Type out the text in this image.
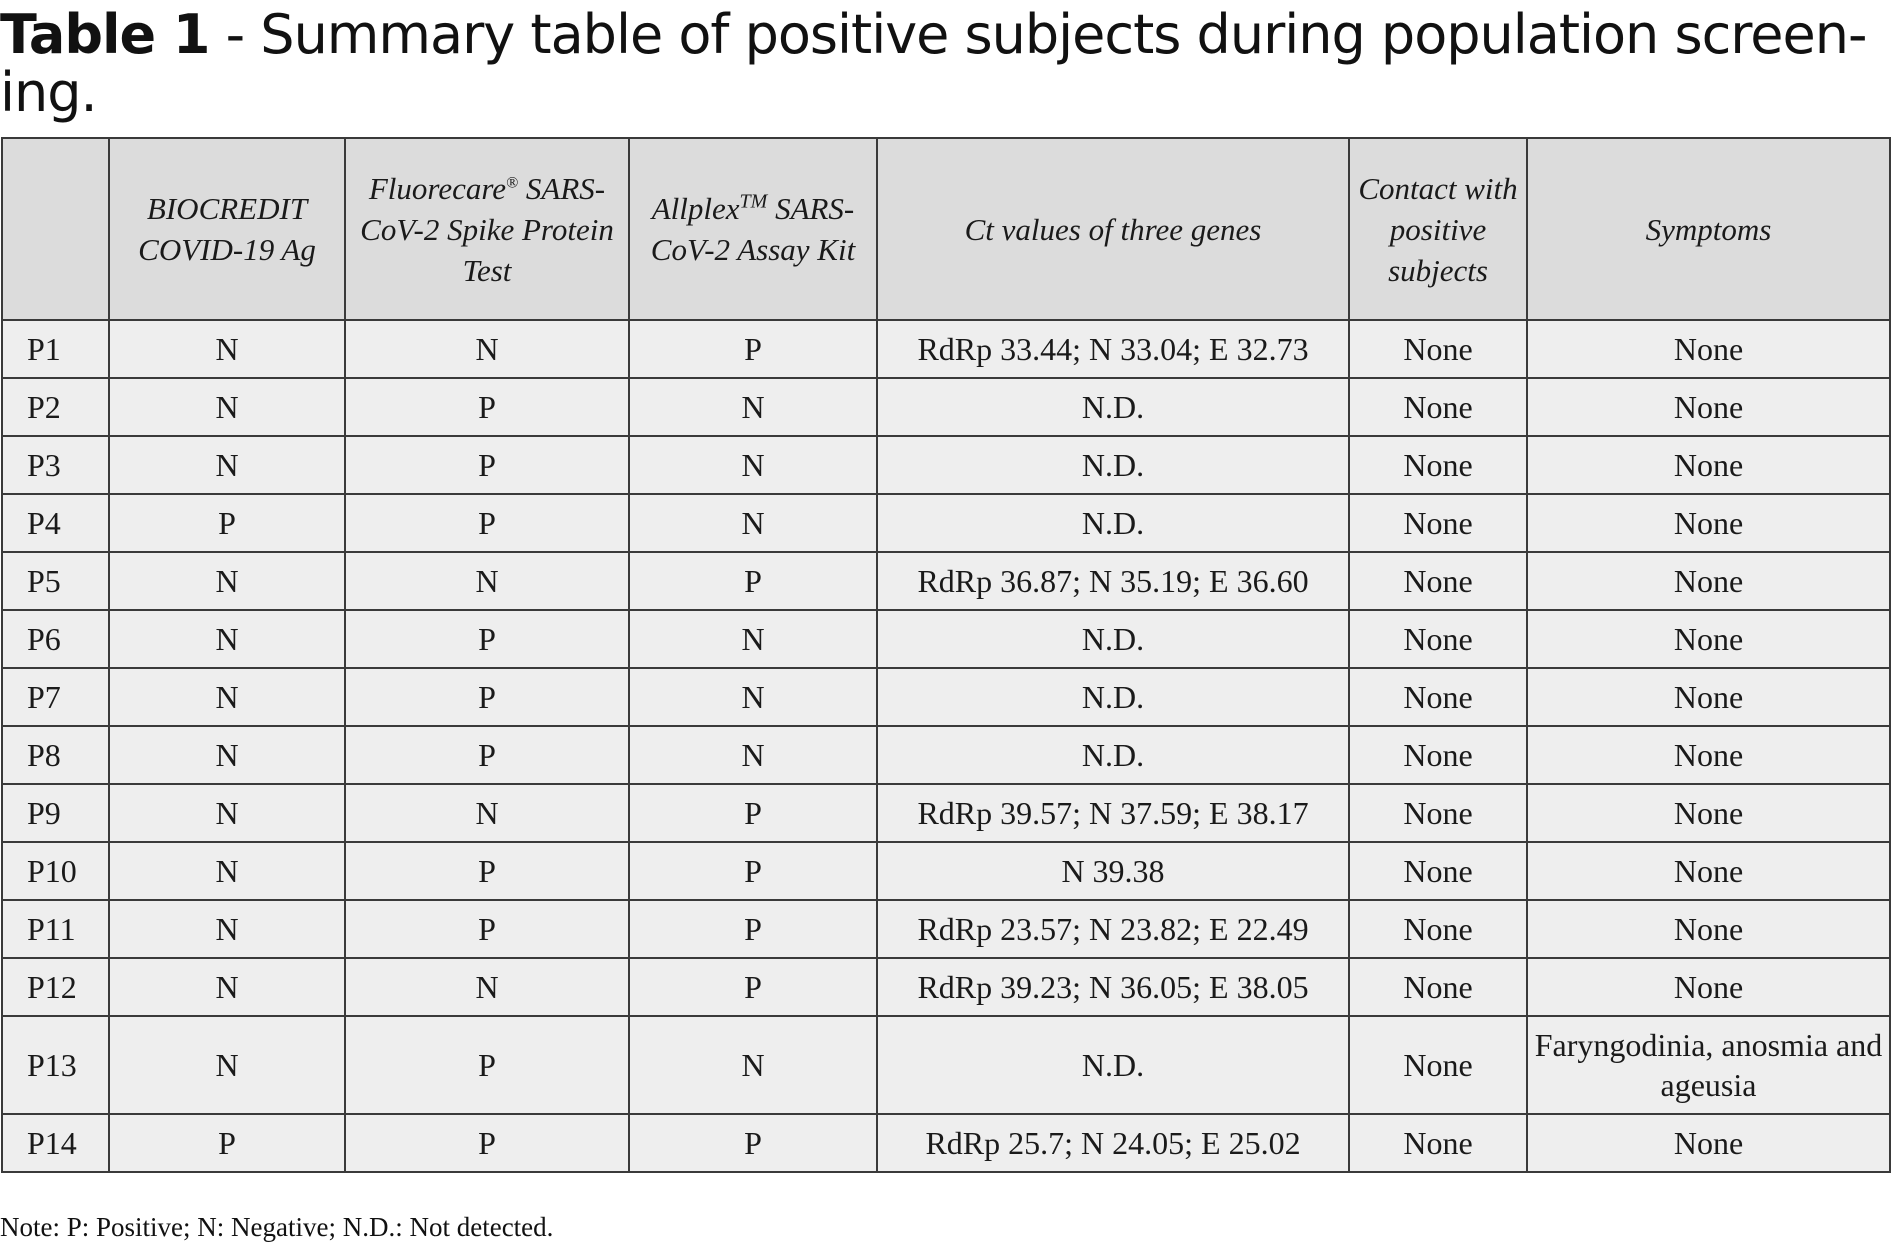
Table 1 - Summary table of positive subjects during population screen-ing.
	BIOCREDIT COVID-19 Ag	Fluorecare® SARS-CoV-2 Spike Protein Test	Allplex™ SARS-CoV-2 Assay Kit	Ct values of three genes	Contact with positive subjects	Symptoms
P1	N	N	P	RdRp 33.44; N 33.04; E 32.73	None	None
P2	N	P	N	N.D.	None	None
P3	N	P	N	N.D.	None	None
P4	P	P	N	N.D.	None	None
P5	N	N	P	RdRp 36.87; N 35.19; E 36.60	None	None
P6	N	P	N	N.D.	None	None
P7	N	P	N	N.D.	None	None
P8	N	P	N	N.D.	None	None
P9	N	N	P	RdRp 39.57; N 37.59; E 38.17	None	None
P10	N	P	P	N 39.38	None	None
P11	N	P	P	RdRp 23.57; N 23.82; E 22.49	None	None
P12	N	N	P	RdRp 39.23; N 36.05; E 38.05	None	None
P13	N	P	N	N.D.	None	Faryngodinia, anosmia and ageusia
P14	P	P	P	RdRp 25.7; N 24.05; E 25.02	None	None
Note: P: Positive; N: Negative; N.D.: Not detected.
